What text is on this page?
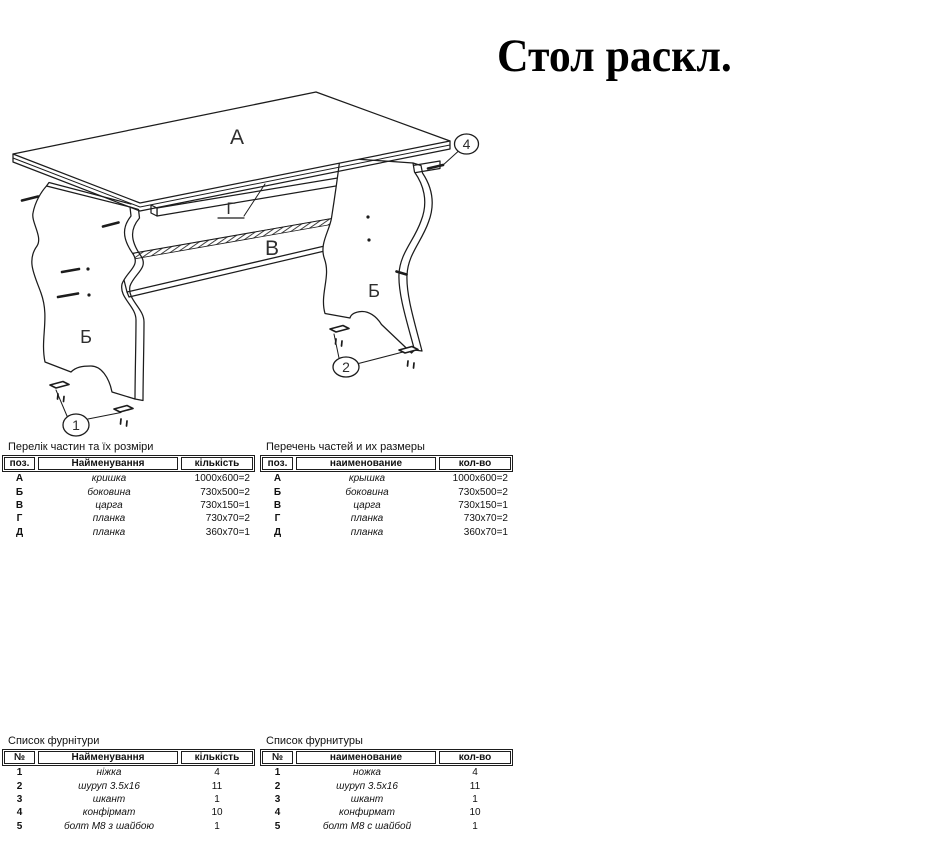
Стол раскл.
А
В
Б
Б
Г
1
2
4
Перелік частин та їх розміри
поз.	Найменування	кількість
А	кришка	1000x600=2
Б	боковина	730x500=2
В	царга	730x150=1
Г	планка	730x70=2
Д	планка	360x70=1
Перечень частей и их размеры
поз.	наименование	кол-во
А	крышка	1000x600=2
Б	боковина	730x500=2
В	царга	730x150=1
Г	планка	730x70=2
Д	планка	360x70=1
Список фурнітури
№	Найменування	кількість
1	ніжка	4
2	шуруп 3.5х16	11
3	шкант	1
4	конфірмат	10
5	болт М8 з шайбою	1
Список фурнитуры
№	наименование	кол-во
1	ножка	4
2	шуруп 3.5х16	11
3	шкант	1
4	конфирмат	10
5	болт М8 с шайбой	1
